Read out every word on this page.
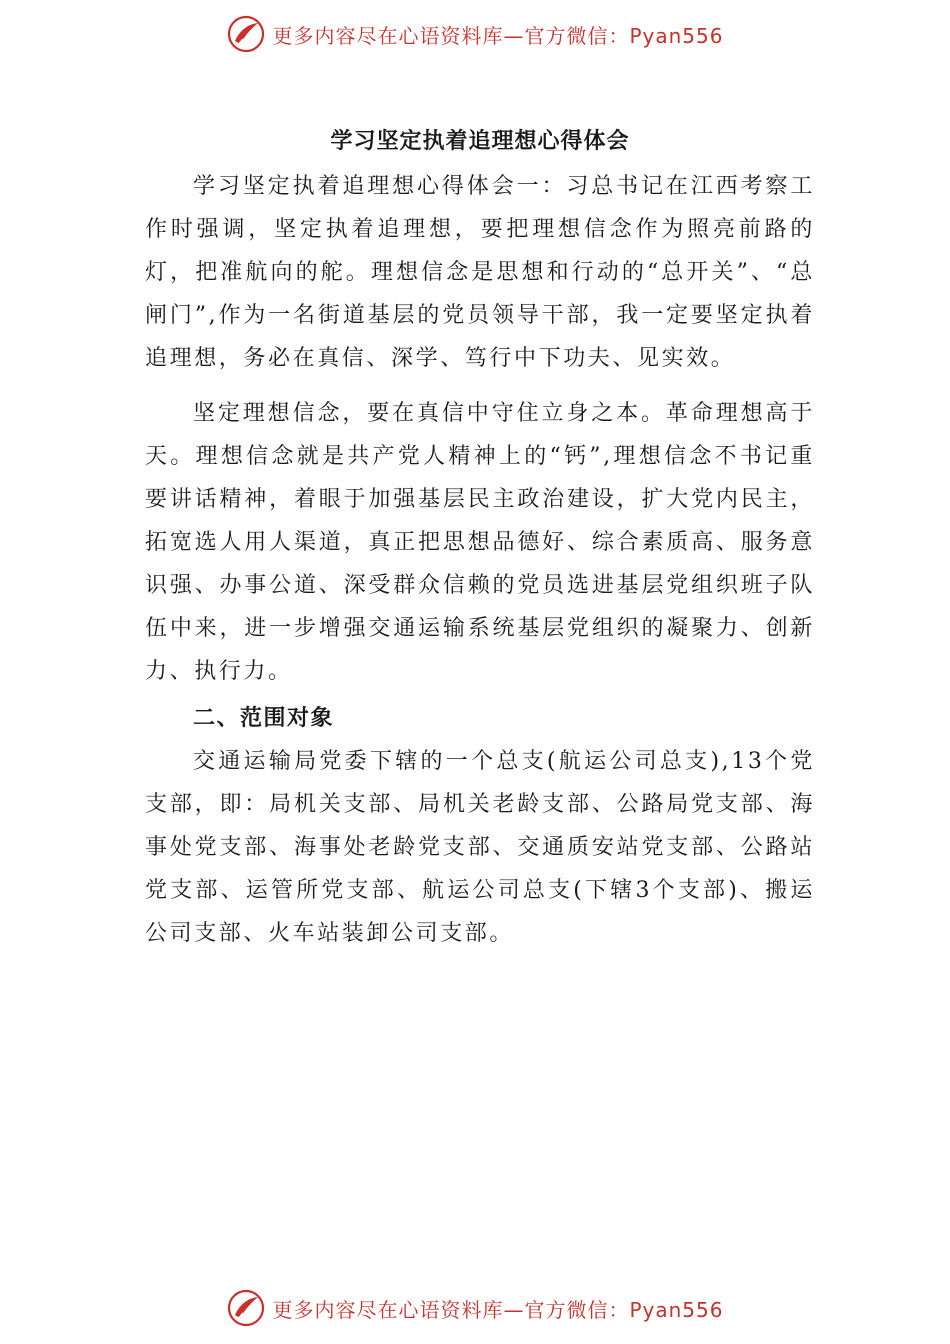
更多内容尽在心语资料库—官方微信：Pyan556
学习坚定执着追理想心得体会

学习坚定执着追理想心得体会一：习总书记在江西考察工作时强调，坚定执着追理想，要把理想信念作为照亮前路的灯，把准航向的舵。理想信念是思想和行动的“总开关”、“总闸门”,作为一名街道基层的党员领导干部，我一定要坚定执着追理想，务必在真信、深学、笃行中下功夫、见实效。

坚定理想信念，要在真信中守住立身之本。革命理想高于天。理想信念就是共产党人精神上的“钙”,理想信念不书记重要讲话精神，着眼于加强基层民主政治建设，扩大党内民主，拓宽选人用人渠道，真正把思想品德好、综合素质高、服务意识强、办事公道、深受群众信赖的党员选进基层党组织班子队伍中来，进一步增强交通运输系统基层党组织的凝聚力、创新力、执行力。

二、范围对象

交通运输局党委下辖的一个总支(航运公司总支),13个党支部，即：局机关支部、局机关老龄支部、公路局党支部、海事处党支部、海事处老龄党支部、交通质安站党支部、公路站党支部、运管所党支部、航运公司总支(下辖3个支部)、搬运公司支部、火车站装卸公司支部。

更多内容尽在心语资料库—官方微信：Pyan556
